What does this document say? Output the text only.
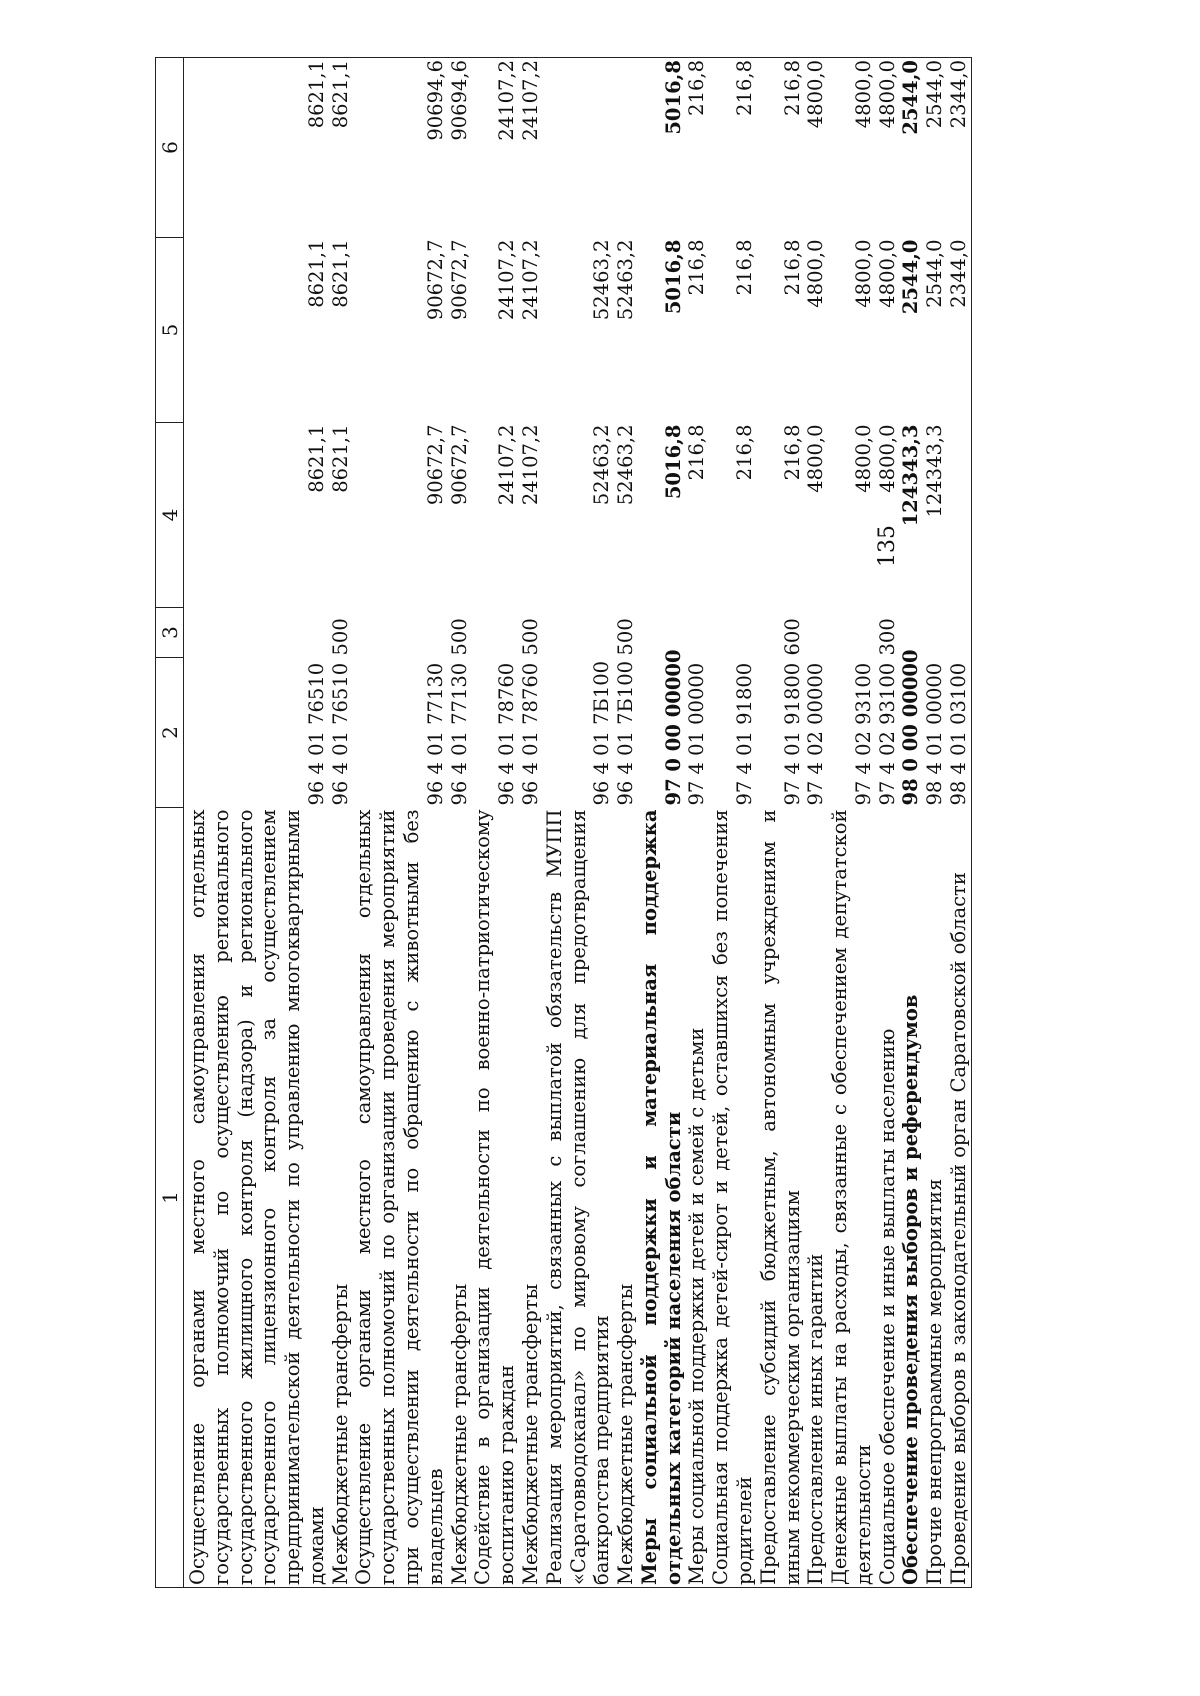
135
1	2	3	4	5	6
Осуществление органами местного самоуправления отдельных государственных полномочий по осуществлению регионального государственного жилищного контроля (надзора) и регионального государственного лицензионного контроля за осуществлением предпринимательской деятельности по управлению многоквартирными домами	96 4 01 76510		8621,1	8621,1	8621,1
Межбюджетные трансферты	96 4 01 76510	500	8621,1	8621,1	8621,1
Осуществление органами местного самоуправления отдельных государственных полномочий по организации проведения мероприятий при осуществлении деятельности по обращению с животными без владельцев	96 4 01 77130		90672,7	90672,7	90694,6
Межбюджетные трансферты	96 4 01 77130	500	90672,7	90672,7	90694,6
Содействие в организации деятельности по военно-патриотическому воспитанию граждан	96 4 01 78760		24107,2	24107,2	24107,2
Межбюджетные трансферты	96 4 01 78760	500	24107,2	24107,2	24107,2
Реализация мероприятий, связанных с выплатой обязательств МУПП «Саратовводоканал» по мировому соглашению для предотвращения банкротства предприятия	96 4 01 7Б100		52463,2	52463,2	
Межбюджетные трансферты	96 4 01 7Б100	500	52463,2	52463,2	
Меры социальной поддержки и материальная поддержка отдельных категорий населения области	97 0 00 00000		5016,8	5016,8	5016,8
Меры социальной поддержки детей и семей с детьми	97 4 01 00000		216,8	216,8	216,8
Социальная поддержка детей-сирот и детей, оставшихся без попечения родителей	97 4 01 91800		216,8	216,8	216,8
Предоставление субсидий бюджетным, автономным учреждениям и иным некоммерческим организациям	97 4 01 91800	600	216,8	216,8	216,8
Предоставление иных гарантий	97 4 02 00000		4800,0	4800,0	4800,0
Денежные выплаты на расходы, связанные с обеспечением депутатской деятельности	97 4 02 93100		4800,0	4800,0	4800,0
Социальное обеспечение и иные выплаты населению	97 4 02 93100	300	4800,0	4800,0	4800,0
Обеспечение проведения выборов и референдумов	98 0 00 00000		124343,3	2544,0	2544,0
Прочие внепрограммные мероприятия	98 4 01 00000		124343,3	2544,0	2544,0
Проведение выборов в законодательный орган Саратовской области	98 4 01 03100			2344,0	2344,0
